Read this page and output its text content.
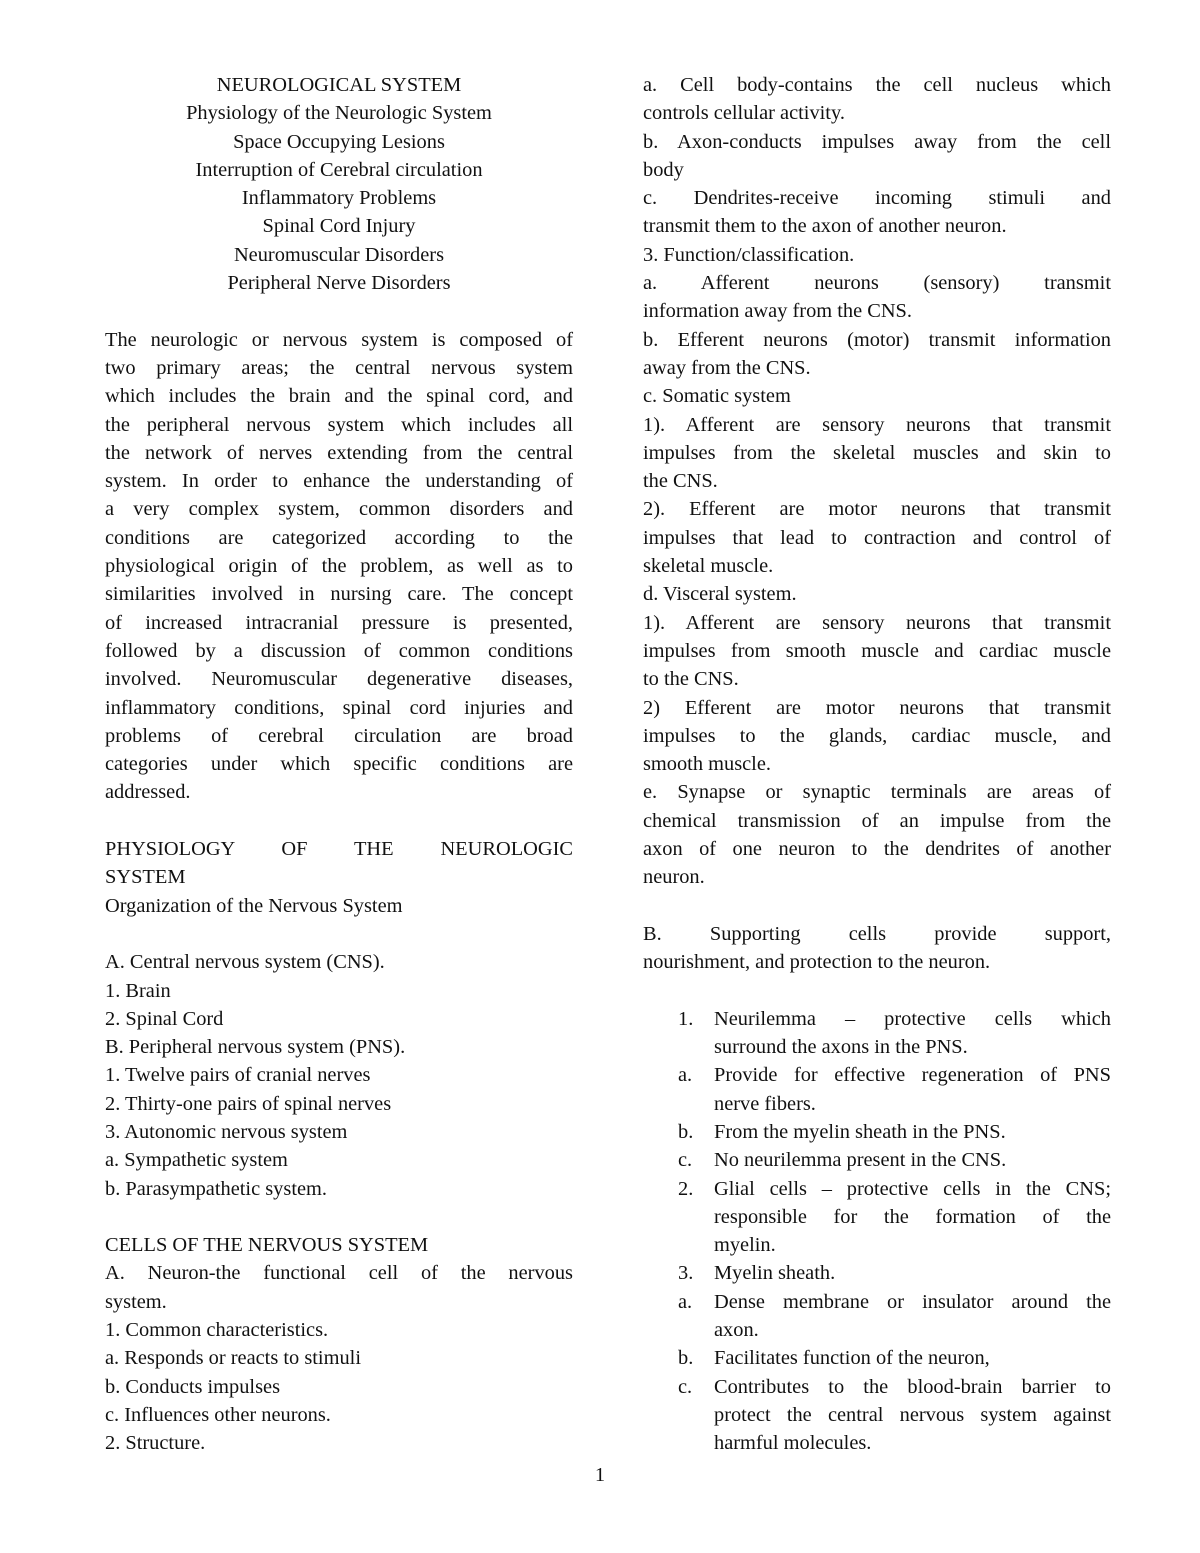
NEUROLOGICAL SYSTEM
Physiology of the Neurologic System
Space Occupying Lesions
Interruption of Cerebral circulation
Inflammatory Problems
Spinal Cord Injury
Neuromuscular Disorders
Peripheral Nerve Disorders
The neurologic or nervous system is composed of
two primary areas; the central nervous system
which includes the brain and the spinal cord, and
the peripheral nervous system which includes all
the network of nerves extending from the central
system. In order to enhance the understanding of
a very complex system, common disorders and
conditions are categorized according to the
physiological origin of the problem, as well as to
similarities involved in nursing care. The concept
of increased intracranial pressure is presented,
followed by a discussion of common conditions
involved. Neuromuscular degenerative diseases,
inflammatory conditions, spinal cord injuries and
problems of cerebral circulation are broad
categories under which specific conditions are
addressed.
PHYSIOLOGY OF THE NEUROLOGIC
SYSTEM
Organization of the Nervous System
A. Central nervous system (CNS).
1. Brain
2. Spinal Cord
B. Peripheral nervous system (PNS).
1. Twelve pairs of cranial nerves
2. Thirty-one pairs of spinal nerves
3. Autonomic nervous system
a. Sympathetic system
b. Parasympathetic system.
CELLS OF THE NERVOUS SYSTEM
A. Neuron-the functional cell of the nervous
system.
1. Common characteristics.
a. Responds or reacts to stimuli
b. Conducts impulses
c. Influences other neurons.
2. Structure.
a. Cell body-contains the cell nucleus which
controls cellular activity.
b. Axon-conducts impulses away from the cell
body
c. Dendrites-receive incoming stimuli and
transmit them to the axon of another neuron.
3. Function/classification.
a. Afferent neurons (sensory) transmit
information away from the CNS.
b. Efferent neurons (motor) transmit information
away from the CNS.
c. Somatic system
1). Afferent are sensory neurons that transmit
impulses from the skeletal muscles and skin to
the CNS.
2). Efferent are motor neurons that transmit
impulses that lead to contraction and control of
skeletal muscle.
d. Visceral system.
1). Afferent are sensory neurons that transmit
impulses from smooth muscle and cardiac muscle
to the CNS.
2) Efferent are motor neurons that transmit
impulses to the glands, cardiac muscle, and
smooth muscle.
e. Synapse or synaptic terminals are areas of
chemical transmission of an impulse from the
axon of one neuron to the dendrites of another
neuron.
B. Supporting cells provide support,
nourishment, and protection to the neuron.
1. Neurilemma – protective cells which
surround the axons in the PNS.
a. Provide for effective regeneration of PNS
nerve fibers.
b. From the myelin sheath in the PNS.
c. No neurilemma present in the CNS.
2. Glial cells – protective cells in the CNS;
responsible for the formation of the
myelin.
3. Myelin sheath.
a. Dense membrane or insulator around the
axon.
b. Facilitates function of the neuron,
c. Contributes to the blood-brain barrier to
protect the central nervous system against
harmful molecules.
1
